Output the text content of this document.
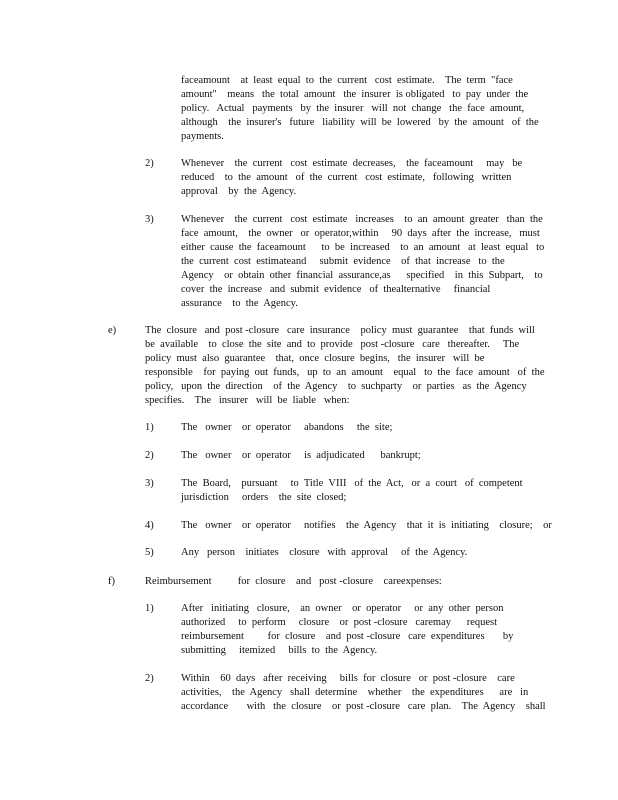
faceamount    at  least  equal  to  the  current   cost  estimate.    The  term  "face
amount"    means   the  total  amount   the  insurer  is obligated   to  pay  under  the
policy.   Actual   payments   by  the  insurer   will  not  change   the  face  amount,
although    the  insurer's   future   liability  will  be  lowered   by  the  amount   of  the
payments.
2)	Whenever    the  current   cost  estimate  decreases,    the  faceamount     may   be
reduced    to  the  amount   of  the  current   cost  estimate,   following   written
approval    by  the  Agency.
3)	Whenever    the  current   cost  estimate   increases    to  an  amount  greater   than  the
face  amount,    the  owner   or  operator,within     90  days  after  the  increase,   must
either  cause  the  faceamount      to  be  increased    to  an  amount   at  least  equal   to
the  current  cost  estimateand     submit  evidence    of  that  increase   to  the
Agency    or  obtain  other  financial  assurance,as      specified    in  this  Subpart,    to
cover  the  increase   and  submit  evidence   of  thealternative     financial
assurance    to  the  Agency.
e)	The  closure   and  post -closure   care  insurance    policy  must  guarantee    that  funds  will
be  available    to  close  the  site  and  to  provide   post -closure   care   thereafter.     The
policy  must  also  guarantee    that,  once  closure  begins,   the  insurer   will  be
responsible    for  paying  out  funds,   up  to  an  amount    equal   to  the  face  amount   of  the
policy,   upon  the  direction    of  the  Agency    to  suchparty    or  parties   as  the  Agency
specifies.    The   insurer   will  be  liable   when:
1)	The   owner    or  operator     abandons     the  site;
2)	The   owner    or  operator     is  adjudicated      bankrupt;
3)	The  Board,    pursuant     to  Title  VIII   of  the  Act,   or  a  court   of  competent
jurisdiction     orders    the  site  closed;
4)	The   owner    or  operator     notifies    the  Agency    that  it  is  initiating    closure;    or
5)	Any   person    initiates    closure   with  approval     of  the  Agency.
f)	Reimbursement          for  closure    and   post -closure    careexpenses:
1)	After   initiating   closure,    an  owner    or  operator     or  any  other  person
authorized     to  perform     closure    or  post -closure   caremay      request
reimbursement         for  closure    and  post -closure   care  expenditures       by
submitting     itemized     bills  to  the  Agency.
2)	Within    60  days   after  receiving     bills  for  closure   or  post -closure    care
activities,    the  Agency   shall  determine    whether    the  expenditures      are   in
accordance       with   the  closure    or  post -closure   care  plan.    The  Agency    shall
